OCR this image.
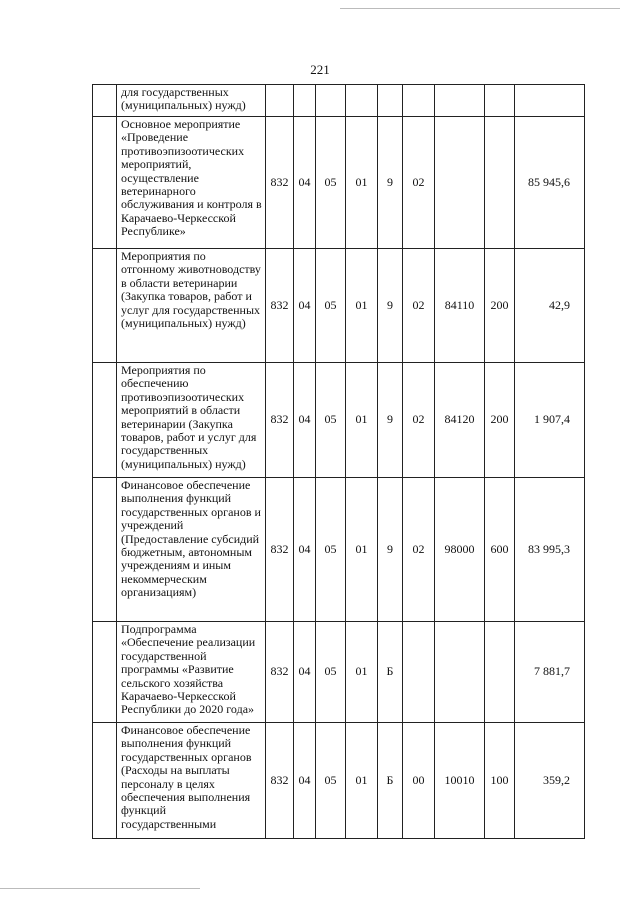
221
	для государственных (муниципальных) нужд)									
	Основное мероприятие «Проведение противоэпизоотических мероприятий, осуществление ветеринарного обслуживания и контроля в Карачаево-Черкесской Республике»	832	04	05	01	9	02			85 945,6
	Мероприятия по отгонному животноводству в области ветеринарии (Закупка товаров, работ и услуг для государственных (муниципальных) нужд)	832	04	05	01	9	02	84110	200	42,9
	Мероприятия по обеспечению противоэпизоотических мероприятий в области ветеринарии (Закупка товаров, работ и услуг для государственных (муниципальных) нужд)	832	04	05	01	9	02	84120	200	1 907,4
	Финансовое обеспечение выполнения функций государственных органов и учреждений (Предоставление субсидий бюджетным, автономным учреждениям и иным некоммерческим организациям)	832	04	05	01	9	02	98000	600	83 995,3
	Подпрограмма «Обеспечение реализации государственной программы «Развитие сельского хозяйства Карачаево-Черкесской Республики до 2020 года»	832	04	05	01	Б				7 881,7
	Финансовое обеспечение выполнения функций государственных органов (Расходы на выплаты персоналу в целях обеспечения выполнения функций государственными	832	04	05	01	Б	00	10010	100	359,2
